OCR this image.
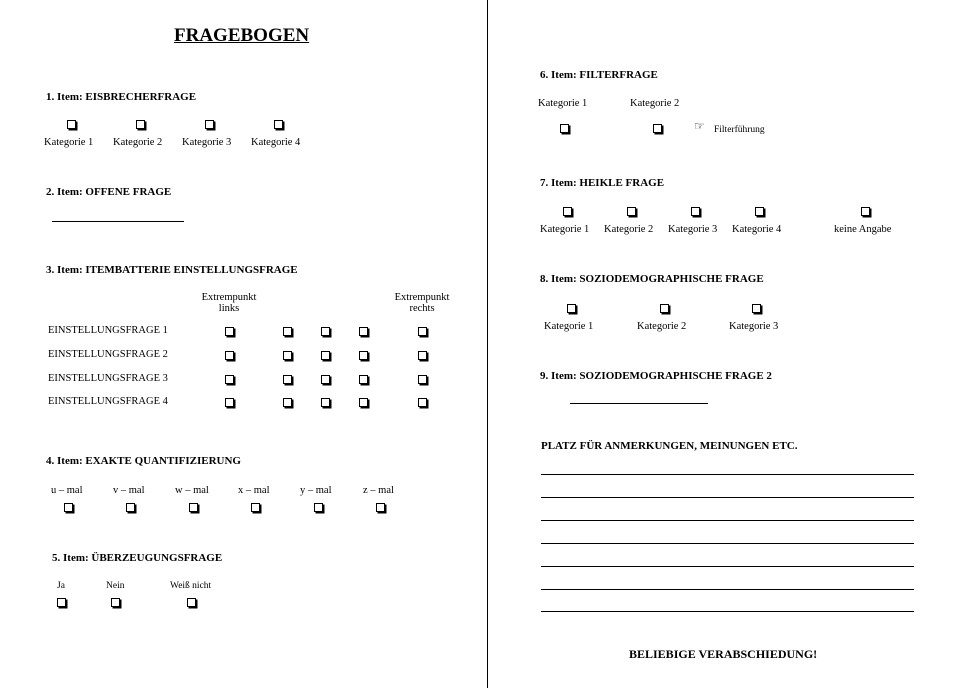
FRAGEBOGEN
1. Item: EISBRECHERFRAGE
Kategorie 1 Kategorie 2 Kategorie 3 Kategorie 4
2. Item: OFFENE FRAGE
3. Item: ITEMBATTERIE EINSTELLUNGSFRAGE
Extrempunkt links
Extrempunkt rechts
EINSTELLUNGSFRAGE 1
EINSTELLUNGSFRAGE 2
EINSTELLUNGSFRAGE 3
EINSTELLUNGSFRAGE 4
4. Item: EXAKTE QUANTIFIZIERUNG
u – mal	v – mal	w – mal	x – mal	y – mal	z – mal
5. Item: ÜBERZEUGUNGSFRAGE
Ja	Nein	Weiß nicht
6. Item: FILTERFRAGE
Kategorie 1	Kategorie 2
☞ Filterführung
7. Item: HEIKLE FRAGE
Kategorie 1 Kategorie 2 Kategorie 3 Kategorie 4	keine Angabe
8. Item: SOZIODEMOGRAPHISCHE FRAGE
Kategorie 1	Kategorie 2	Kategorie 3
9. Item: SOZIODEMOGRAPHISCHE FRAGE 2
PLATZ FÜR ANMERKUNGEN, MEINUNGEN ETC.
BELIEBIGE VERABSCHIEDUNG!
